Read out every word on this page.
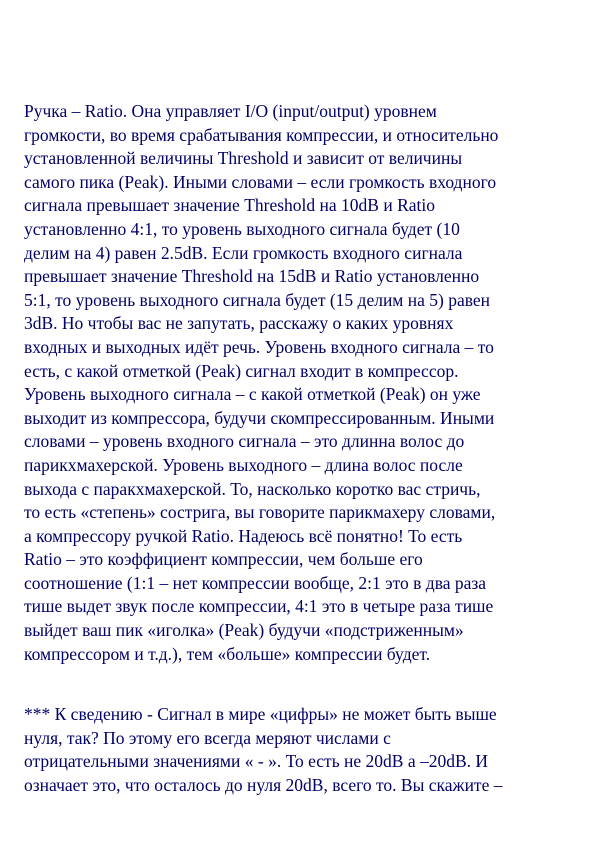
Ручка – Ratio. Она управляет I/O (input/output) уровнем
громкости, во время срабатывания компрессии, и относительно
установленной величины Threshold и зависит от величины
самого пика (Peak). Иными словами – если громкость входного
сигнала превышает значение Threshold на 10dB и Ratio
установленно 4:1, то уровень выходного сигнала будет (10
делим на 4) равен 2.5dB. Если громкость входного сигнала
превышает значение Threshold на 15dB и Ratio установленно
5:1, то уровень выходного сигнала будет (15 делим на 5) равен
3dB. Но чтобы вас не запутать, расскажу о каких уровнях
входных и выходных идёт речь. Уровень входного сигнала – то
есть, с какой отметкой (Peak) сигнал входит в компрессор.
Уровень выходного сигнала – с какой отметкой (Peak) он уже
выходит из компрессора, будучи скомпрессированным. Иными
словами – уровень входного сигнала – это длинна волос до
парикхмахерской. Уровень выходного – длина волос после
выхода с паракхмахерской. То, насколько коротко вас стричь,
то есть «степень» сострига, вы говорите парикмахеру словами,
а компрессору ручкой Ratio. Надеюсь всё понятно! То есть
Ratio – это коэффициент компрессии, чем больше его
соотношение (1:1 – нет компрессии вообще, 2:1 это в два раза
тише выдет звук после компрессии, 4:1 это в четыре раза тише
выйдет ваш пик «иголка» (Peak) будучи «подстриженным»
компрессором и т.д.), тем «больше» компрессии будет.
*** К сведению - Сигнал в мире «цифры» не может быть выше
нуля, так? По этому его всегда меряют числами с
отрицательными значениями « - ». То есть не 20dB а –20dB. И
означает это, что осталось до нуля 20dB, всего то. Вы скажите –
